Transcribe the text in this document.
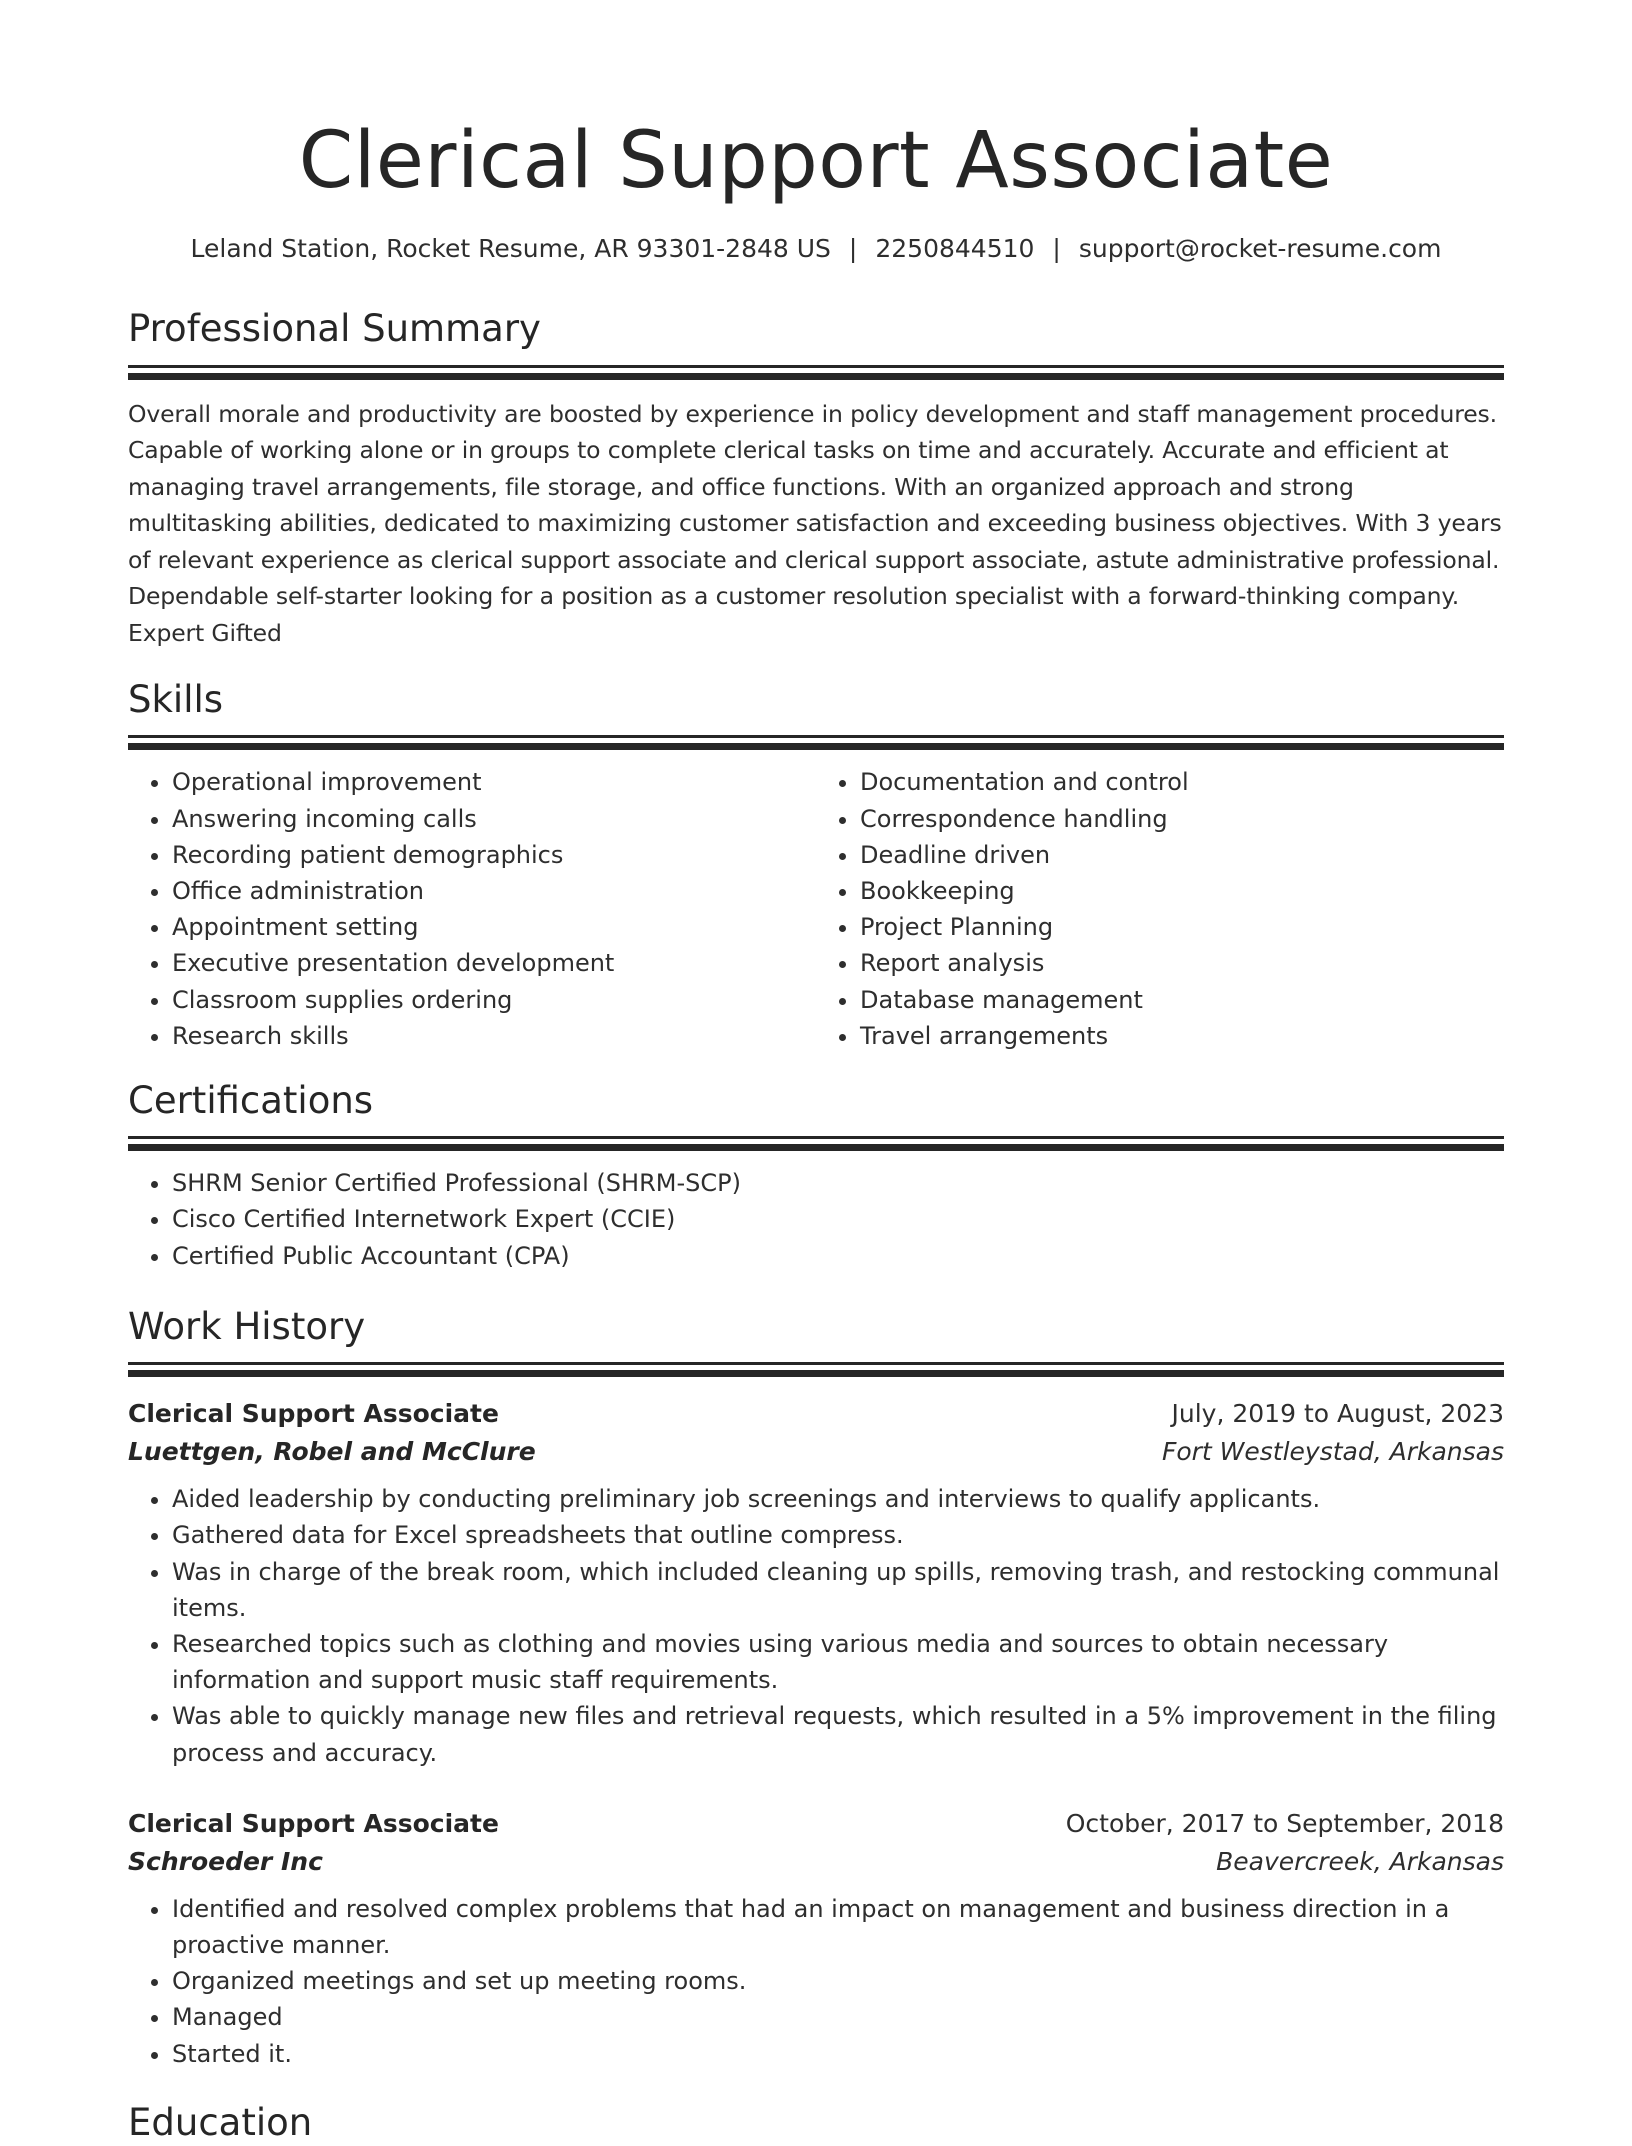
Clerical Support Associate
Leland Station, Rocket Resume, AR 93301-2848 US | 2250844510 | support@rocket-resume.com
Professional Summary
Overall morale and productivity are boosted by experience in policy development and staff management procedures. Capable of working alone or in groups to complete clerical tasks on time and accurately. Accurate and efficient at managing travel arrangements, file storage, and office functions. With an organized approach and strong multitasking abilities, dedicated to maximizing customer satisfaction and exceeding business objectives. With 3 years of relevant experience as clerical support associate and clerical support associate, astute administrative professional. Dependable self-starter looking for a position as a customer resolution specialist with a forward-thinking company. Expert Gifted
Skills
• Operational improvement
• Answering incoming calls
• Recording patient demographics
• Office administration
• Appointment setting
• Executive presentation development
• Classroom supplies ordering
• Research skills
• Documentation and control
• Correspondence handling
• Deadline driven
• Bookkeeping
• Project Planning
• Report analysis
• Database management
• Travel arrangements
Certifications
• SHRM Senior Certified Professional (SHRM-SCP)
• Cisco Certified Internetwork Expert (CCIE)
• Certified Public Accountant (CPA)
Work History
Clerical Support Associate	July, 2019 to August, 2023
Luettgen, Robel and McClure	Fort Westleystad, Arkansas
• Aided leadership by conducting preliminary job screenings and interviews to qualify applicants.
• Gathered data for Excel spreadsheets that outline compress.
• Was in charge of the break room, which included cleaning up spills, removing trash, and restocking communal items.
• Researched topics such as clothing and movies using various media and sources to obtain necessary information and support music staff requirements.
• Was able to quickly manage new files and retrieval requests, which resulted in a 5% improvement in the filing process and accuracy.
Clerical Support Associate	October, 2017 to September, 2018
Schroeder Inc	Beavercreek, Arkansas
• Identified and resolved complex problems that had an impact on management and business direction in a proactive manner.
• Organized meetings and set up meeting rooms.
• Managed
• Started it.
Education
